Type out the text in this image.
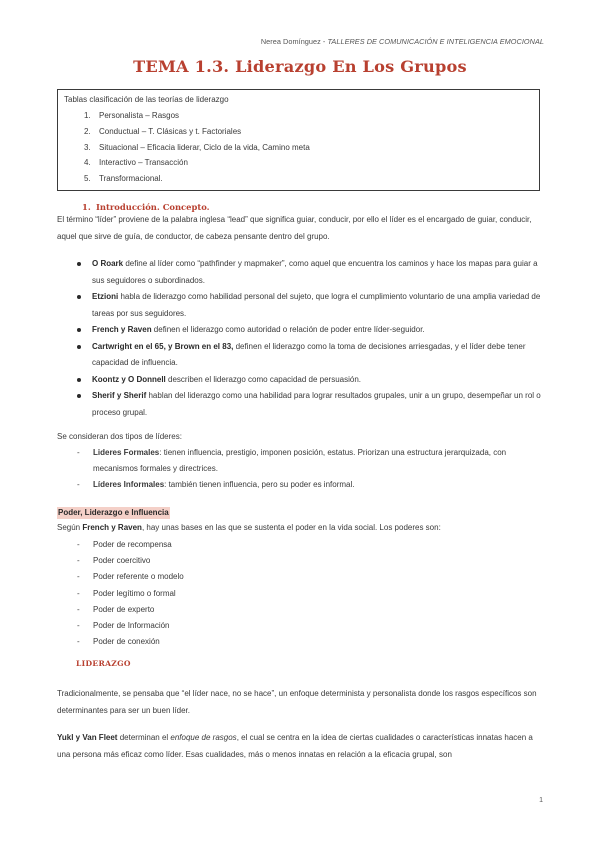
Nerea Domínguez - TALLERES DE COMUNICACIÓN E INTELIGENCIA EMOCIONAL
TEMA 1.3. Liderazgo En Los Grupos
Tablas clasificación de las teorías de liderazgo
1. Personalista – Rasgos
2. Conductual – T. Clásicas y t. Factoriales
3. Situacional – Eficacia liderar, Ciclo de la vida, Camino meta
4. Interactivo – Transacción
5. Transformacional.
1. Introducción. Concepto.
El término “líder” proviene de la palabra inglesa “lead” que significa guiar, conducir, por ello el líder es el encargado de guiar, conducir, aquel que sirve de guía, de conductor, de cabeza pensante dentro del grupo.
O Roark define al líder como “pathfinder y mapmaker”, como aquel que encuentra los caminos y hace los mapas para guiar a sus seguidores o subordinados.
Etzioni habla de liderazgo como habilidad personal del sujeto, que logra el cumplimiento voluntario de una amplia variedad de tareas por sus seguidores.
French y Raven definen el liderazgo como autoridad o relación de poder entre líder-seguidor.
Cartwright en el 65, y Brown en el 83, definen el liderazgo como la toma de decisiones arriesgadas, y el líder debe tener capacidad de influencia.
Koontz y O Donnell describen el liderazgo como capacidad de persuasión.
Sherif y Sherif hablan del liderazgo como una habilidad para lograr resultados grupales, unir a un grupo, desempeñar un rol o proceso grupal.
Se consideran dos tipos de líderes:
- Lideres Formales: tienen influencia, prestigio, imponen posición, estatus. Priorizan una estructura jerarquizada, con mecanismos formales y directrices.
- Líderes Informales: también tienen influencia, pero su poder es informal.
Poder, Liderazgo e Influencia
Según French y Raven, hay unas bases en las que se sustenta el poder en la vida social. Los poderes son:
- Poder de recompensa
- Poder coercitivo
- Poder referente o modelo
- Poder legítimo o formal
- Poder de experto
- Poder de Información
- Poder de conexión
LIDERAZGO
Tradicionalmente, se pensaba que “el líder nace, no se hace”, un enfoque determinista y personalista donde los rasgos específicos son determinantes para ser un buen líder.
Yukl y Van Fleet determinan el enfoque de rasgos, el cual se centra en la idea de ciertas cualidades o características innatas hacen a una persona más eficaz como líder. Esas cualidades, más o menos innatas en relación a la eficacia grupal, son
1
